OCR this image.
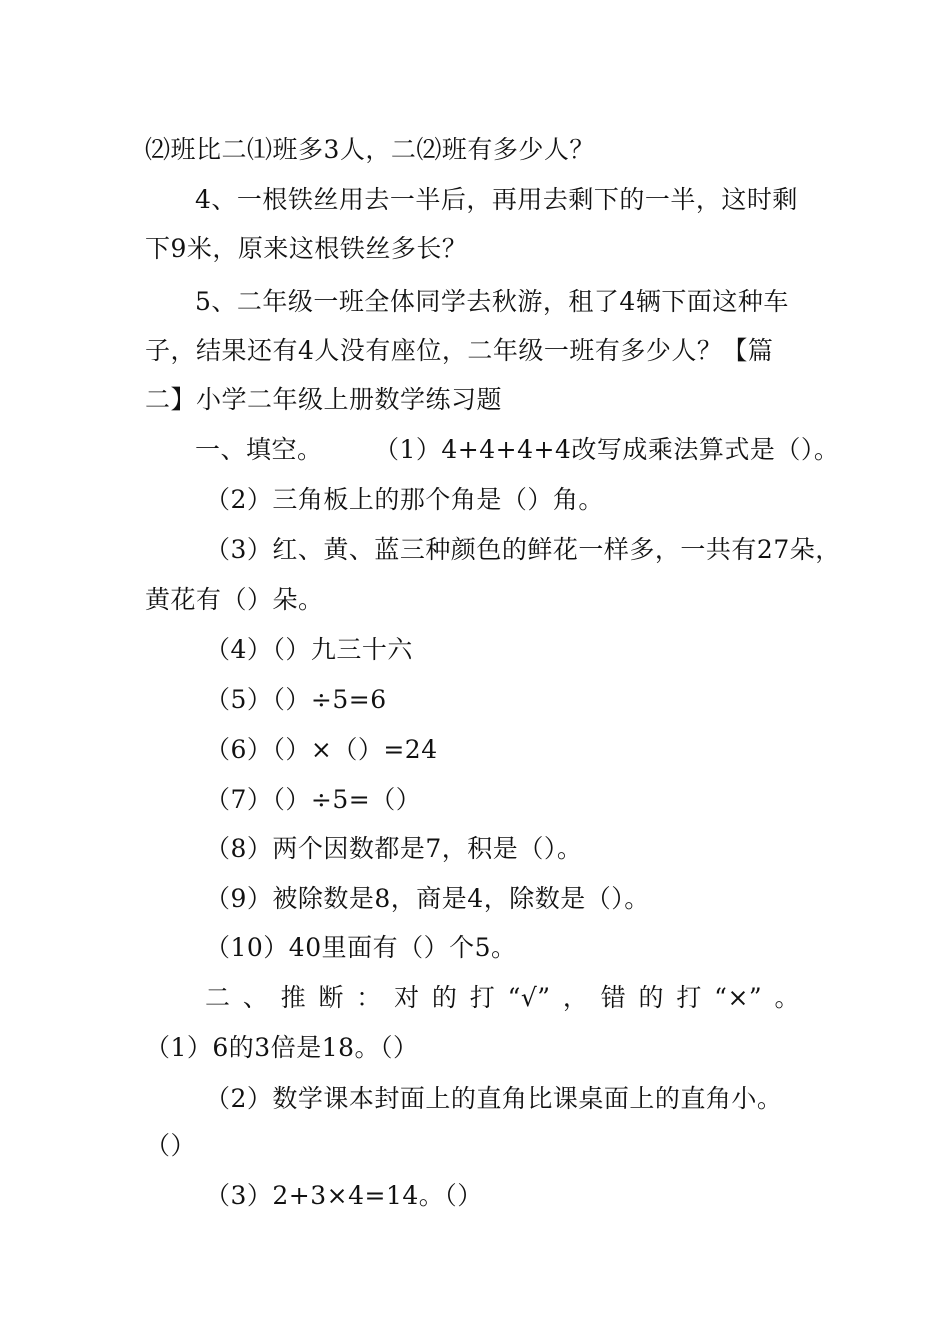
⑵班比二⑴班多3人，二⑵班有多少人？
4、一根铁丝用去一半后，再用去剩下的一半，这时剩
下9米，原来这根铁丝多长？
5、二年级一班全体同学去秋游，租了4辆下面这种车
子，结果还有4人没有座位，二年级一班有多少人？【篇
二】小学二年级上册数学练习题
一、填空。　　　（1）4+4+4+4改写成乘法算式是（）。
（2）三角板上的那个角是（）角。
（3）红、黄、蓝三种颜色的鲜花一样多，一共有27朵，
黄花有（）朵。
（4）（）九三十六
（5）（）÷5=6
（6）（）×（）=24
（7）（）÷5=（）
（8）两个因数都是7，积是（）。
（9）被除数是8，商是4，除数是（）。
（10）40里面有（）个5。
二、推断：对的打“√”，错的打“×”。
（1）6的3倍是18。（）
（2）数学课本封面上的直角比课桌面上的直角小。
（）
（3）2+3×4=14。（）
